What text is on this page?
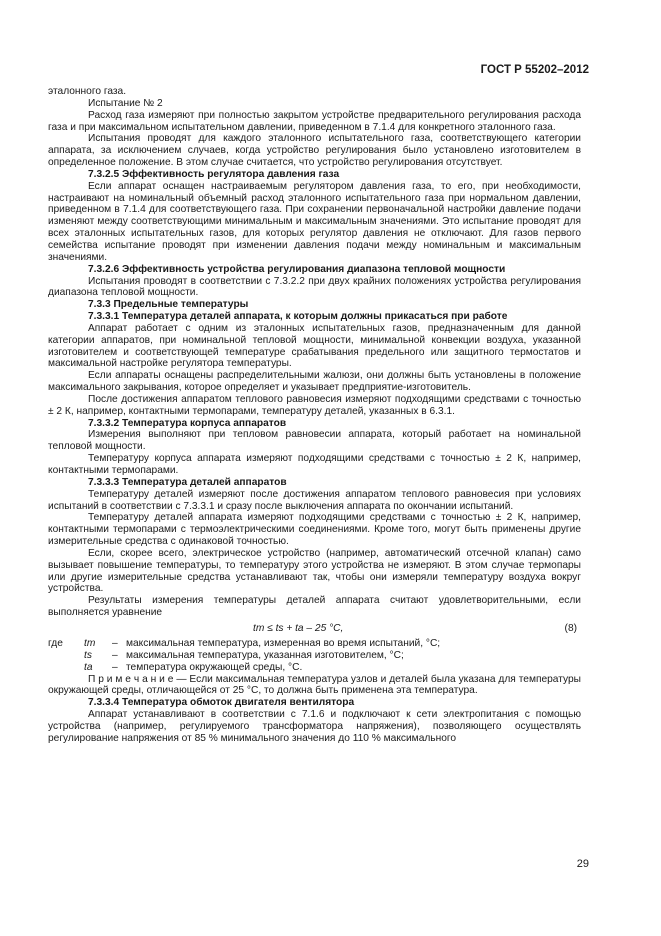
ГОСТ Р 55202–2012

эталонного газа.

Испытание № 2

Расход газа измеряют при полностью закрытом устройстве предварительного регулирования расхода газа и при максимальном испытательном давлении, приведенном в 7.1.4 для конкретного эталонного газа.

Испытания проводят для каждого эталонного испытательного газа, соответствующего категории аппарата, за исключением случаев, когда устройство регулирования было установлено изготовителем в определенное положение. В этом случае считается, что устройство регулирования отсутствует.

7.3.2.5 Эффективность регулятора давления газа

Если аппарат оснащен настраиваемым регулятором давления газа, то его, при необходимости, настраивают на номинальный объемный расход эталонного испытательного газа при нормальном давлении, приведенном в 7.1.4 для соответствующего газа. При сохранении первоначальной настройки давление подачи изменяют между соответствующими минимальным и максимальным значениями. Это испытание проводят для всех эталонных испытательных газов, для которых регулятор давления не отключают. Для газов первого семейства испытание проводят при изменении давления подачи между номинальным и максимальным значениями.

7.3.2.6 Эффективность устройства регулирования диапазона тепловой мощности

Испытания проводят в соответствии с 7.3.2.2 при двух крайних положениях устройства регулирования диапазона тепловой мощности.

7.3.3 Предельные температуры

7.3.3.1 Температура деталей аппарата, к которым должны прикасаться при работе

Аппарат работает с одним из эталонных испытательных газов, предназначенным для данной категории аппаратов, при номинальной тепловой мощности, минимальной конвекции воздуха, указанной изготовителем и соответствующей температуре срабатывания предельного или защитного термостатов и максимальной настройке регулятора температуры.

Если аппараты оснащены распределительными жалюзи, они должны быть установлены в положение максимального закрывания, которое определяет и указывает предприятие-изготовитель.

После достижения аппаратом теплового равновесия измеряют подходящими средствами с точностью ± 2 К, например, контактными термопарами, температуру деталей, указанных в 6.3.1.

7.3.3.2 Температура корпуса аппаратов

Измерения выполняют при тепловом равновесии аппарата, который работает на номинальной тепловой мощности.

Температуру корпуса аппарата измеряют подходящими средствами с точностью ± 2 К, например, контактными термопарами.

7.3.3.3 Температура деталей аппаратов

Температуру деталей измеряют после достижения аппаратом теплового равновесия при условиях испытаний в соответствии с 7.3.3.1 и сразу после выключения аппарата по окончании испытаний.

Температуру деталей аппарата измеряют подходящими средствами с точностью ± 2 К, например, контактными термопарами с термоэлектрическими соединениями. Кроме того, могут быть применены другие измерительные средства с одинаковой точностью.

Если, скорее всего, электрическое устройство (например, автоматический отсечной клапан) само вызывает повышение температуры, то температуру этого устройства не измеряют. В этом случае термопары или другие измерительные средства устанавливают так, чтобы они измеряли температуру воздуха вокруг устройства.

Результаты измерения температуры деталей аппарата считают удовлетворительными, если выполняется уравнение

tm ≤ ts + ta – 25 °C,	(8)
где	tm	– максимальная температура, измеренная во время испытаний, °C;
ts	– максимальная температура, указанная изготовителем, °C;
ta	– температура окружающей среды, °C.

П р и м е ч а н и е — Если максимальная температура узлов и деталей была указана для температуры окружающей среды, отличающейся от 25 °C, то должна быть применена эта температура.

7.3.3.4 Температура обмоток двигателя вентилятора

Аппарат устанавливают в соответствии с 7.1.6 и подключают к сети электропитания с помощью устройства (например, регулируемого трансформатора напряжения), позволяющего осуществлять регулирование напряжения от 85 % минимального значения до 110 % максимального

29
